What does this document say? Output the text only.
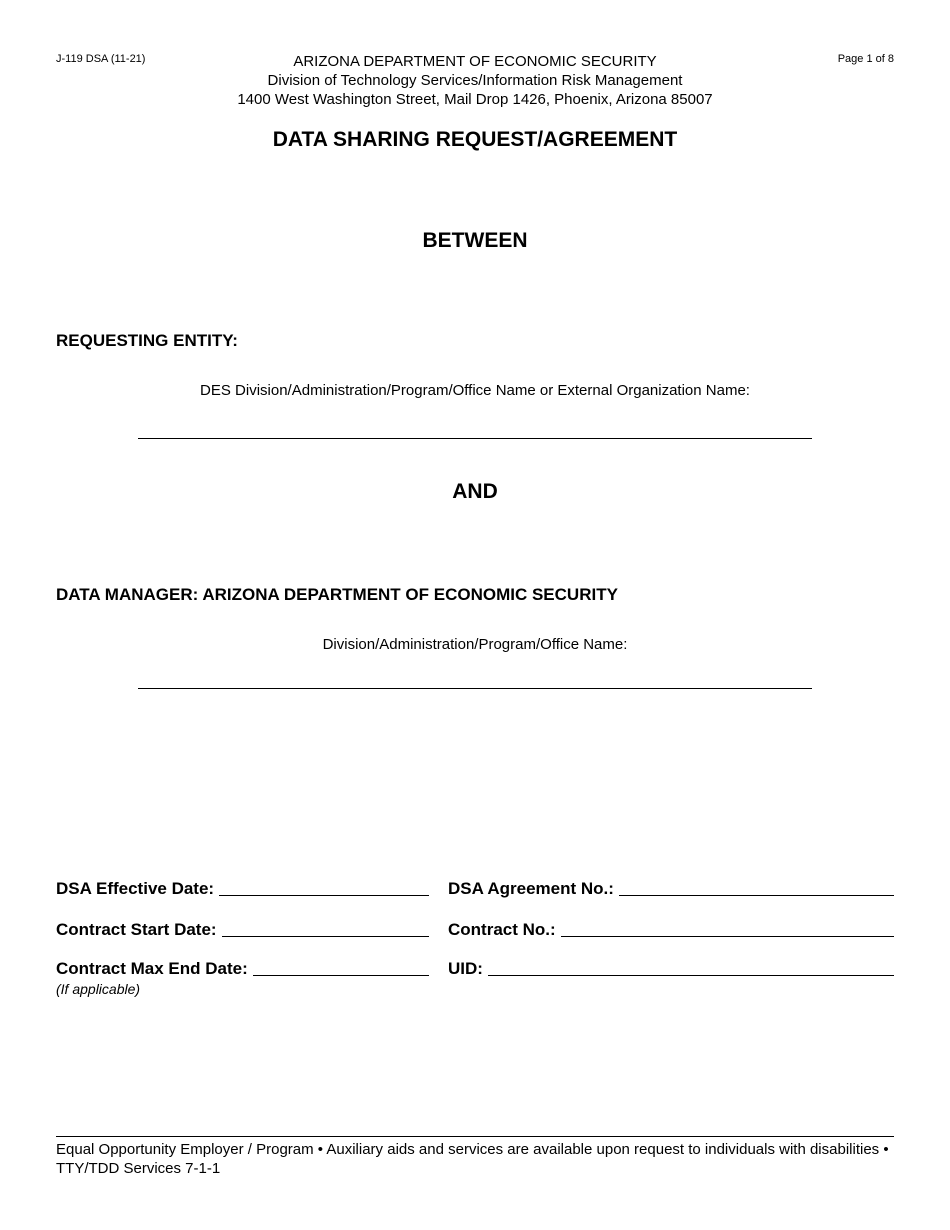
J-119 DSA (11-21)	Page 1 of 8
ARIZONA DEPARTMENT OF ECONOMIC SECURITY
Division of Technology Services/Information Risk Management
1400 West Washington Street, Mail Drop 1426, Phoenix, Arizona 85007
DATA SHARING REQUEST/AGREEMENT
BETWEEN
REQUESTING ENTITY:
DES Division/Administration/Program/Office Name or External Organization Name:
AND
DATA MANAGER: ARIZONA DEPARTMENT OF ECONOMIC SECURITY
Division/Administration/Program/Office Name:
DSA Effective Date:
Contract Start Date:
Contract Max End Date:
(If applicable)
DSA Agreement No.:
Contract No.:
UID:
Equal Opportunity Employer / Program • Auxiliary aids and services are available upon request to individuals with disabilities • TTY/TDD Services 7-1-1
